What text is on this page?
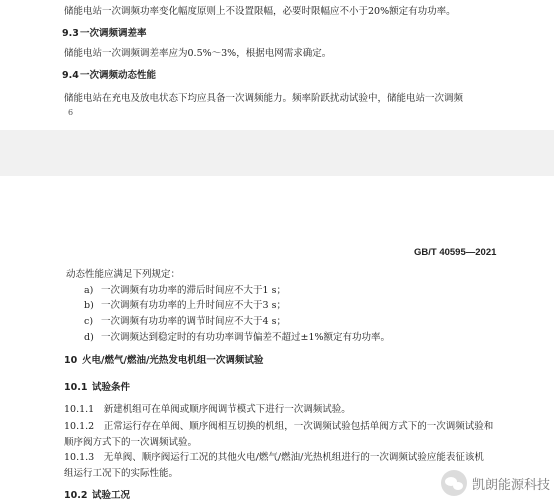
储能电站一次调频功率变化幅度原则上不设置限幅，必要时限幅应不小于20%额定有功功率。
9.3 一次调频调差率
储能电站一次调频调差率应为0.5%～3%，根据电网需求确定。
9.4 一次调频动态性能
储能电站在充电及放电状态下均应具备一次调频能力。频率阶跃扰动试验中，储能电站一次调频
6
GB/T 40595—2021
动态性能应满足下列规定：
a) 一次调频有功功率的滞后时间应不大于1 s；
b) 一次调频有功功率的上升时间应不大于3 s；
c) 一次调频有功功率的调节时间应不大于4 s；
d) 一次调频达到稳定时的有功功率调节偏差不超过±1%额定有功功率。
10 火电/燃气/燃油/光热发电机组一次调频试验
10.1 试验条件
10.1.1　新建机组可在单阀或顺序阀调节模式下进行一次调频试验。
10.1.2　正常运行存在单阀、顺序阀相互切换的机组，一次调频试验包括单阀方式下的一次调频试验和
顺序阀方式下的一次调频试验。
10.1.3　无单阀、顺序阀运行工况的其他火电/燃气/燃油/光热机组进行的一次调频试验应能表征该机
组运行工况下的实际性能。
10.2 试验工况
凯朗能源科技
